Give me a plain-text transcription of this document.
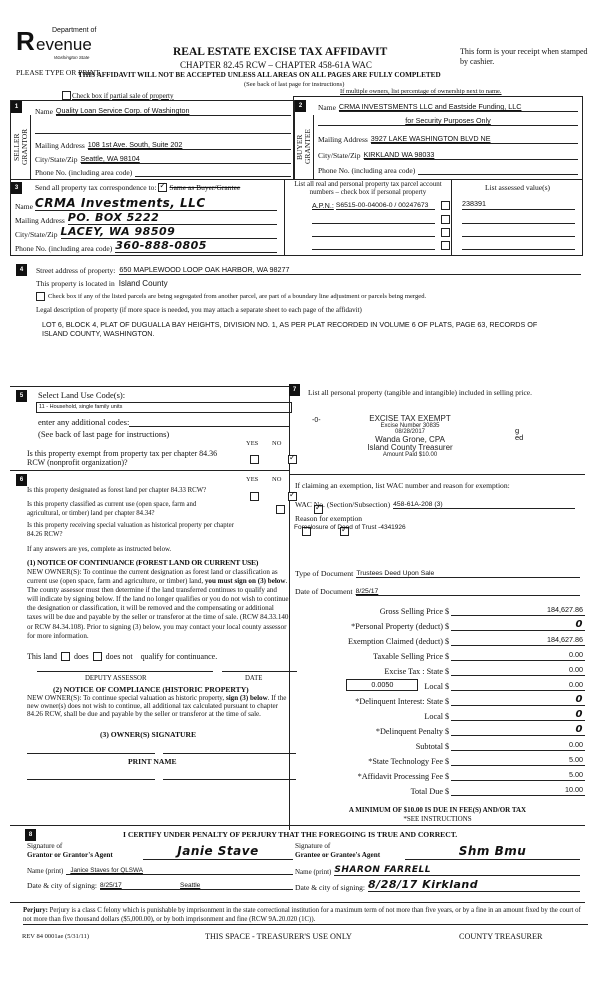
Department of
R evenue
Washington State
PLEASE TYPE OR PRINT
REAL ESTATE EXCISE TAX AFFIDAVIT
CHAPTER 82.45 RCW – CHAPTER 458-61A WAC
THIS AFFIDAVIT WILL NOT BE ACCEPTED UNLESS ALL AREAS ON ALL PAGES ARE FULLY COMPLETED
(See back of last page for instructions)
This form is your receipt when stamped by cashier.
Check box if partial sale of property	If multiple owners, list percentage of ownership next to name.
1
SELLER GRANTOR
Name Quality Loan Service Corp. of Washington
Mailing Address 108 1st Ave. South, Suite 202
City/State/Zip Seattle, WA 98104
Phone No. (including area code)
2
BUYER GRANTEE
Name CRMA INVESTSMENTS LLC and Eastside Funding, LLC
for Security Purposes Only
Mailing Address 3927 LAKE WASHINGTON BLVD NE
City/State/Zip KIRKLAND WA 98033
Phone No. (including area code)
3	Send all property tax correspondence to: ✓ Same as Buyer/Grantee
Name CRMA Investments, LLC
Mailing Address PO. BOX 5222
City/State/Zip LACEY, WA 98509
Phone No. (including area code) 360-888-0805
List all real and personal property tax parcel account numbers – check box if personal property
A.P.N.: S6515-00-04006-0 / 00247673
List assessed value(s)
238391
4	Street address of property: 650 MAPLEWOOD LOOP OAK HARBOR, WA 98277
This property is located in Island County
Check box if any of the listed parcels are being segregated from another parcel, are part of a boundary line adjustment or parcels being merged.
Legal description of property (if more space is needed, you may attach a separate sheet to each page of the affidavit)
LOT 6, BLOCK 4, PLAT OF DUGUALLA BAY HEIGHTS, DIVISION NO. 1, AS PER PLAT RECORDED IN VOLUME 6 OF PLATS, PAGE 63, RECORDS OF ISLAND COUNTY, WASHINGTON.
5	Select Land Use Code(s):
11 - Household, single family units
enter any additional codes:
(See back of last page for instructions)
YES NO
Is this property exempt from property tax per chapter 84.36 RCW (nonprofit organization)?
✓
6	YES NO
Is this property designated as forest land per chapter 84.33 RCW?
✓
Is this property classified as current use (open space, farm and agricultural, or timber) land per chapter 84.34?
✓
Is this property receiving special valuation as historical property per chapter 84.26 RCW?
✓
If any answers are yes, complete as instructed below.
(1) NOTICE OF CONTINUANCE (FOREST LAND OR CURRENT USE)
NEW OWNER(S): To continue the current designation as forest land or classification as current use (open space, farm and agriculture, or timber) land, you must sign on (3) below. The county assessor must then determine if the land transferred continues to qualify and will indicate by signing below. If the land no longer qualifies or you do not wish to continue the designation or classification, it will be removed and the compensating or additional taxes will be due and payable by the seller or transferor at the time of sale. (RCW 84.33.140 or RCW 84.34.108). Prior to signing (3) below, you may contact your local county assessor for more information.
This land does does not qualify for continuance.
DEPUTY ASSESSOR	DATE
(2) NOTICE OF COMPLIANCE (HISTORIC PROPERTY)
NEW OWNER(S): To continue special valuation as historic property, sign (3) below. If the new owner(s) does not wish to continue, all additional tax calculated pursuant to chapter 84.26 RCW, shall be due and payable by the seller or transferor at the time of sale.
(3) OWNER(S) SIGNATURE
PRINT NAME
7	List all personal property (tangible and intangible) included in selling price.
-0-	EXCISE TAX EXEMPT
Excise Number 30835
08/28/2017
Wanda Grone, CPA
Island County Treasurer
Amount Paid $10.00
g
ed
If claiming an exemption, list WAC number and reason for exemption:
WAC No. (Section/Subsection) 458-61A-208 (3)
Reason for exemption
Foreclosure of Deed of Trust -4341926
Type of Document Trustees Deed Upon Sale
Date of Document 8/25/17
Gross Selling Price $	184,627.86
*Personal Property (deduct) $	0
Exemption Claimed (deduct) $	184,627.86
Taxable Selling Price $	0.00
Excise Tax : State $	0.00
0.0050	Local $	0.00
*Delinquent Interest: State $	0
Local $	0
*Delinquent Penalty $	0
Subtotal $	0.00
*State Technology Fee $	5.00
*Affidavit Processing Fee $	5.00
Total Due $	10.00
A MINIMUM OF $10.00 IS DUE IN FEE(S) AND/OR TAX
*SEE INSTRUCTIONS
8	I CERTIFY UNDER PENALTY OF PERJURY THAT THE FOREGOING IS TRUE AND CORRECT.
Signature of
Grantor or Grantor's Agent	Janie Stave
Name (print)	Janice Staves for QLSWA
Date & city of signing: 8/25/17	Seattle
Signature of
Grantee or Grantee's Agent	Shm Bmu
Name (print) SHARON FARRELL
Date & city of signing: 8/28/17 Kirkland
Perjury: Perjury is a class C felony which is punishable by imprisonment in the state correctional institution for a maximum term of not more than five years, or by a fine in an amount fixed by the court of not more than five thousand dollars ($5,000.00), or by both imprisonment and fine (RCW 9A.20.020 (1C)).
REV 84 0001ae (5/31/11)	THIS SPACE - TREASURER'S USE ONLY	COUNTY TREASURER
